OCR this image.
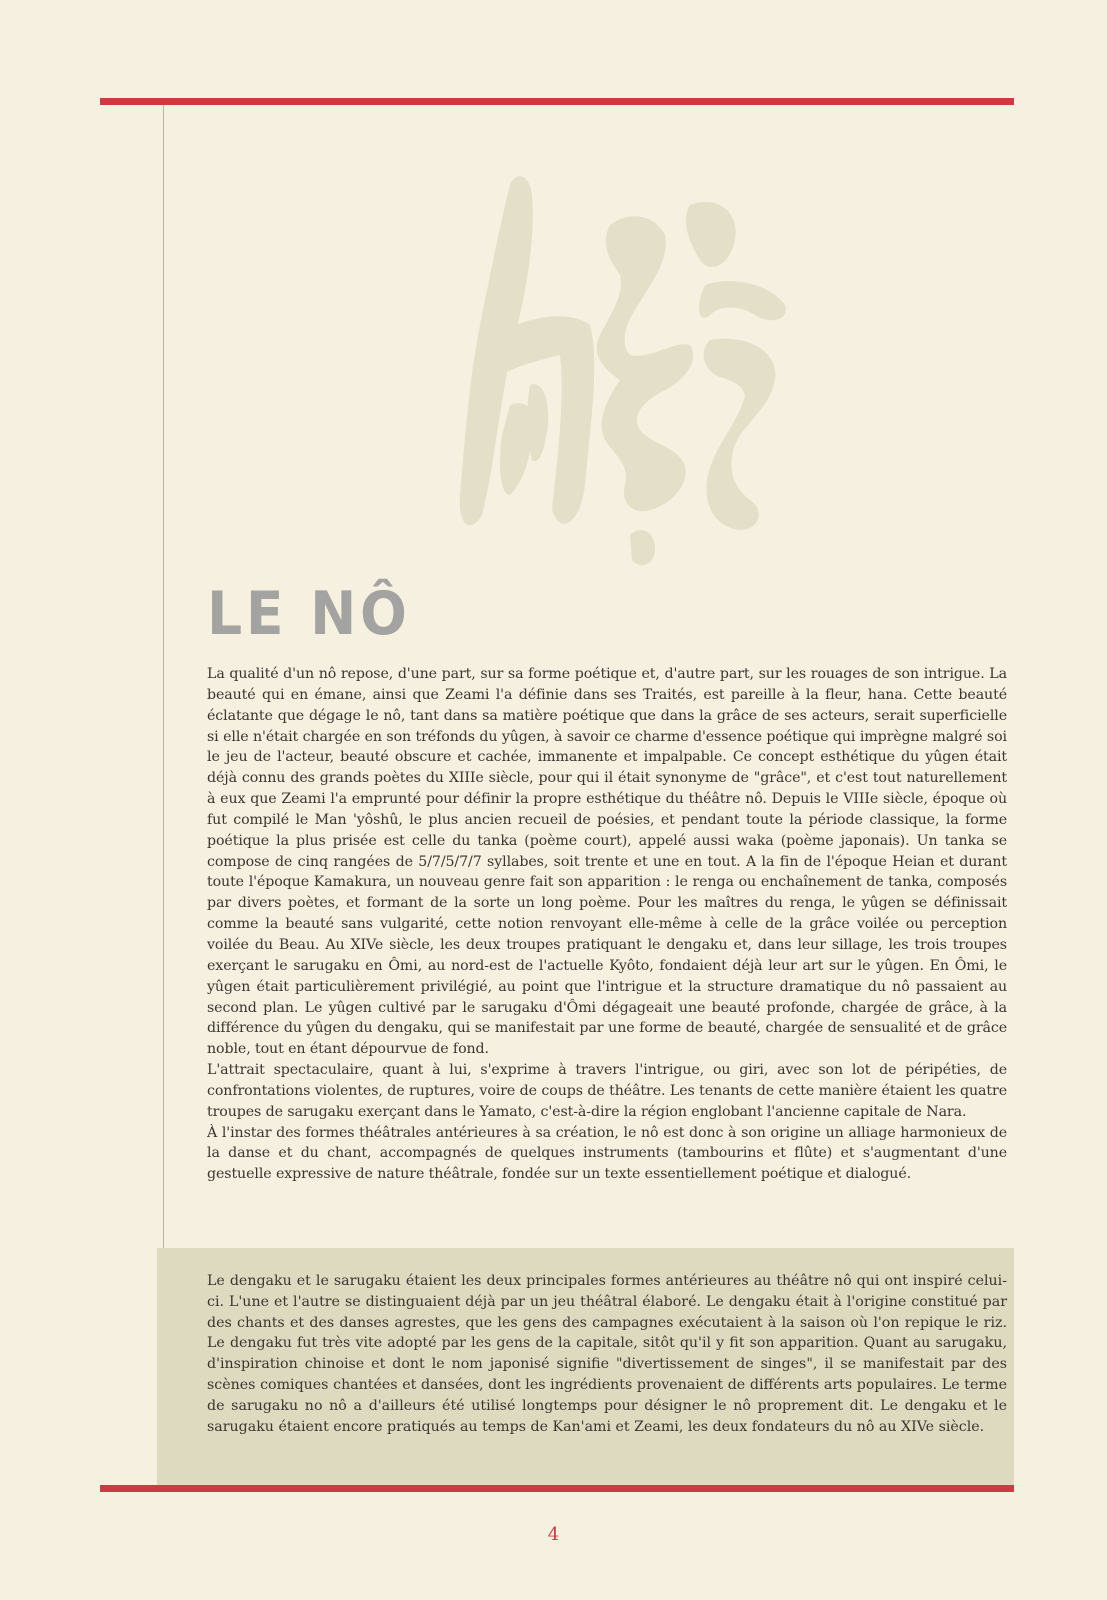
LE NÔ

La qualité d'un nô repose, d'une part, sur sa forme poétique et, d'autre part, sur les rouages de son intrigue. La beauté qui en émane, ainsi que Zeami l'a définie dans ses Traités, est pareille à la fleur, hana. Cette beauté éclatante que dégage le nô, tant dans sa matière poétique que dans la grâce de ses acteurs, serait superficielle si elle n'était chargée en son tréfonds du yûgen, à savoir ce charme d'essence poétique qui imprègne malgré soi le jeu de l'acteur, beauté obscure et cachée, immanente et impalpable. Ce concept esthétique du yûgen était déjà connu des grands poètes du XIIIe siècle, pour qui il était synonyme de "grâce", et c'est tout naturellement à eux que Zeami l'a emprunté pour définir la propre esthétique du théâtre nô. Depuis le VIIIe siècle, époque où fut compilé le Man 'yôshû, le plus ancien recueil de poésies, et pendant toute la période classique, la forme poétique la plus prisée est celle du tanka (poème court), appelé aussi waka (poème japonais). Un tanka se compose de cinq rangées de 5/7/5/7/7 syllabes, soit trente et une en tout. A la fin de l'époque Heian et durant toute l'époque Kamakura, un nouveau genre fait son apparition : le renga ou enchaînement de tanka, composés par divers poètes, et formant de la sorte un long poème. Pour les maîtres du renga, le yûgen se définissait comme la beauté sans vulgarité, cette notion renvoyant elle-même à celle de la grâce voilée ou perception voilée du Beau. Au XIVe siècle, les deux troupes pratiquant le dengaku et, dans leur sillage, les trois troupes exerçant le sarugaku en Ômi, au nord-est de l'actuelle Kyôto, fondaient déjà leur art sur le yûgen. En Ômi, le yûgen était particulièrement privilégié, au point que l'intrigue et la structure dramatique du nô passaient au second plan. Le yûgen cultivé par le sarugaku d'Ômi dégageait une beauté profonde, chargée de grâce, à la différence du yûgen du dengaku, qui se manifestait par une forme de beauté, chargée de sensualité et de grâce noble, tout en étant dépourvue de fond.

L'attrait spectaculaire, quant à lui, s'exprime à travers l'intrigue, ou giri, avec son lot de péripéties, de confrontations violentes, de ruptures, voire de coups de théâtre. Les tenants de cette manière étaient les quatre troupes de sarugaku exerçant dans le Yamato, c'est-à-dire la région englobant l'ancienne capitale de Nara.

À l'instar des formes théâtrales antérieures à sa création, le nô est donc à son origine un alliage harmonieux de la danse et du chant, accompagnés de quelques instruments (tambourins et flûte) et s'augmentant d'une gestuelle expressive de nature théâtrale, fondée sur un texte essentiellement poétique et dialogué.

Le dengaku et le sarugaku étaient les deux principales formes antérieures au théâtre nô qui ont inspiré celui-ci. L'une et l'autre se distinguaient déjà par un jeu théâtral élaboré. Le dengaku était à l'origine constitué par des chants et des danses agrestes, que les gens des campagnes exécutaient à la saison où l'on repique le riz. Le dengaku fut très vite adopté par les gens de la capitale, sitôt qu'il y fit son apparition. Quant au sarugaku, d'inspiration chinoise et dont le nom japonisé signifie "divertissement de singes", il se manifestait par des scènes comiques chantées et dansées, dont les ingrédients provenaient de différents arts populaires. Le terme de sarugaku no nô a d'ailleurs été utilisé longtemps pour désigner le nô proprement dit. Le dengaku et le sarugaku étaient encore pratiqués au temps de Kan'ami et Zeami, les deux fondateurs du nô au XIVe siècle.

4
